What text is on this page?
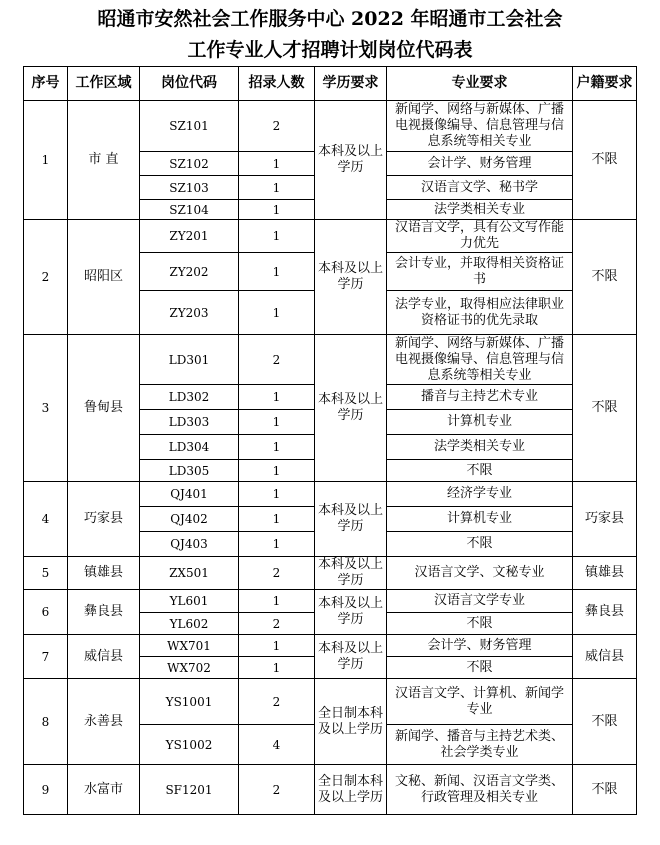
昭通市安然社会工作服务中心 2022 年昭通市工会社会
工作专业人才招聘计划岗位代码表
序号	工作区域	岗位代码	招录人数	学历要求	专业要求	户籍要求
1	市 直	SZ101	2	本科及以上学历	新闻学、网络与新媒体、广播电视摄像编导、信息管理与信息系统等相关专业	不限
		SZ102	1		会计学、财务管理	
		SZ103	1		汉语言文学、秘书学	
		SZ104	1		法学类相关专业	
2	昭阳区	ZY201	1	本科及以上学历	汉语言文学，具有公文写作能力优先	不限
		ZY202	1		会计专业，并取得相关资格证书	
		ZY203	1		法学专业，取得相应法律职业资格证书的优先录取	
3	鲁甸县	LD301	2	本科及以上学历	新闻学、网络与新媒体、广播电视摄像编导、信息管理与信息系统等相关专业	不限
		LD302	1		播音与主持艺术专业	
		LD303	1		计算机专业	
		LD304	1		法学类相关专业	
		LD305	1		不限	
4	巧家县	QJ401	1	本科及以上学历	经济学专业	巧家县
		QJ402	1		计算机专业	
		QJ403	1		不限	
5	镇雄县	ZX501	2	本科及以上学历	汉语言文学、文秘专业	镇雄县
6	彝良县	YL601	1	本科及以上学历	汉语言文学专业	彝良县
		YL602	2		不限	
7	威信县	WX701	1	本科及以上学历	会计学、财务管理	威信县
		WX702	1		不限	
8	永善县	YS1001	2	全日制本科及以上学历	汉语言文学、计算机、新闻学专业	不限
		YS1002	4		新闻学、播音与主持艺术类、社会学类专业	
9	水富市	SF1201	2	全日制本科及以上学历	文秘、新闻、汉语言文学类、行政管理及相关专业	不限
